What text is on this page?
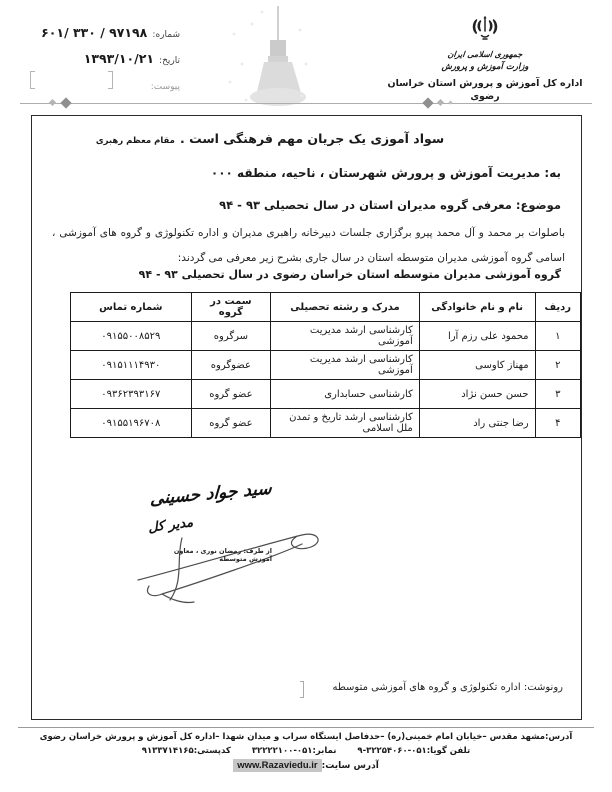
شماره: ۹۷۱۹۸ / ۳۳۰ /۶۰۱
تاریخ: ۱۳۹۳/۱۰/۲۱
پیوست:
جمهوری اسلامی ایران
وزارت آموزش و پرورش
اداره کل آموزش و پرورش استان خراسان رضوی
سواد آموزی یک جریان مهم فرهنگی است . مقام معظم رهبری
به: مدیریت آموزش و پرورش شهرستان ، ناحیه، منطقه ۰۰۰
موضوع: معرفی گروه مدیران استان در سال تحصیلی ۹۳ - ۹۴
باصلوات بر محمد و آل محمد پیرو برگزاری جلسات دبیرخانه راهبری مدیران و اداره تکنولوژی و گروه های آموزشی ، اسامی گروه آموزشی مدیران متوسطه استان در سال جاری بشرح زیر معرفی می گردند:
گروه آموزشی مدیران متوسطه استان خراسان رضوی در سال تحصیلی ۹۳ - ۹۴
ردیف	نام و نام خانوادگی	مدرک و رشته تحصیلی	سمت در گروه	شماره تماس
۱	محمود علی رزم آرا	کارشناسی ارشد مدیریت آموزشی	سرگروه	۰۹۱۵۵۰۰۸۵۲۹
۲	مهناز کاوسی	کارشناسی ارشد مدیریت آموزشی	عضوگروه	۰۹۱۵۱۱۱۴۹۳۰
۳	حسن حسن نژاد	کارشناسی حسابداری	عضو گروه	۰۹۳۶۲۳۹۳۱۶۷
۴	رضا جنتی راد	کارشناسی ارشد تاریخ و تمدن ملل اسلامی	عضو گروه	۰۹۱۵۵۱۹۶۷۰۸
سید جواد حسینی
مدیر کل
از طرف: رمضان نوری ، معاون آموزش متوسطه
رونوشت: اداره تکنولوژی و گروه های آموزشی متوسطه
آدرس:مشهد مقدس –خیابان امام خمینی(ره) –حدفاصل ایستگاه سراب و میدان شهدا –اداره کل آموزش و پرورش خراسان رضوی
تلفن گویا:۰۵۱-۳۲۲۵۴۰۶۰-۹ نمابر:۰۵۱-۳۲۲۲۲۱۰۰ کدپستی:۹۱۳۳۷۱۴۱۶۵
آدرس سایت:www.Razaviedu.ir
